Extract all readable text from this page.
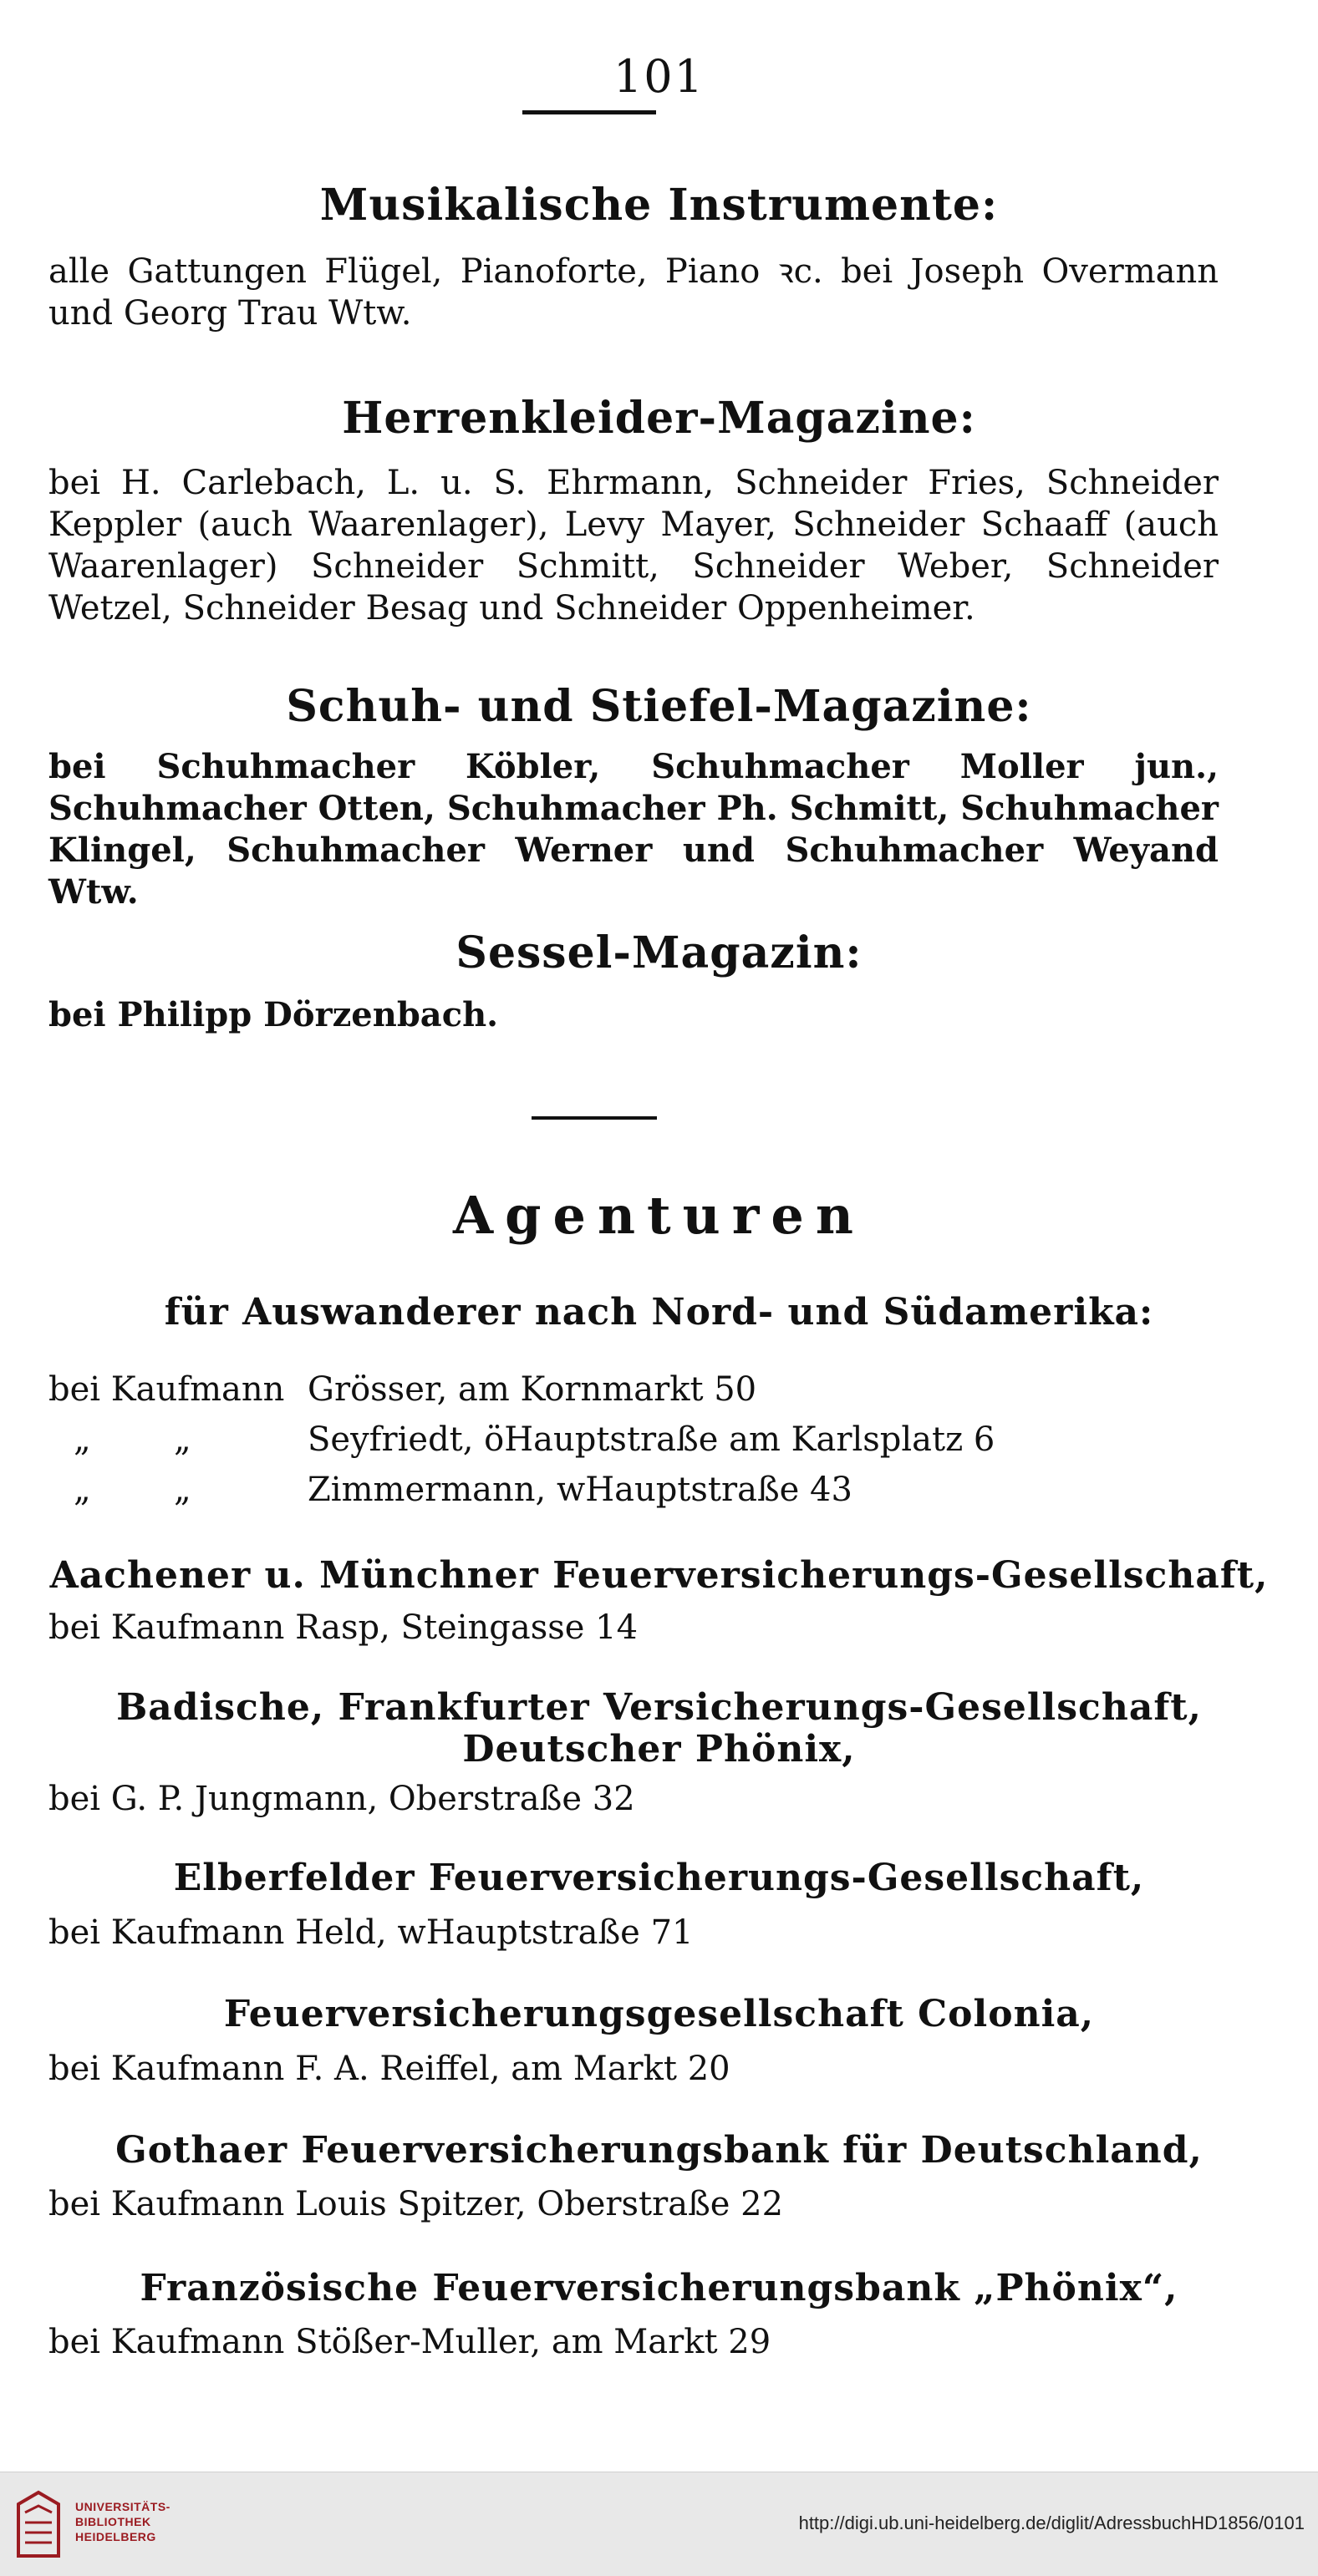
101
Musikalische Instrumente:
alle Gattungen Flügel, Pianoforte, Piano ꝛc. bei Joseph Overmann und Georg Trau Wtw.
Herrenkleider-Magazine:
bei H. Carlebach, L. u. S. Ehrmann, Schneider Fries, Schneider Keppler (auch Waarenlager), Levy Mayer, Schneider Schaaff (auch Waarenlager) Schneider Schmitt, Schneider Weber, Schneider Wetzel, Schneider Besag und Schneider Oppenheimer.
Schuh- und Stiefel-Magazine:
bei Schuhmacher Köbler, Schuhmacher Moller jun., Schuhmacher Otten, Schuhmacher Ph. Schmitt, Schuhmacher Klingel, Schuhmacher Werner und Schuhmacher Weyand Wtw.
Sessel-Magazin:
bei Philipp Dörzenbach.
Agenturen
für Auswanderer nach Nord- und Südamerika:
bei Kaufmann Grösser, am Kornmarkt 50
„ „	Seyfriedt, öHauptstraße am Karlsplatz 6
„ „	Zimmermann, wHauptstraße 43
Aachener u. Münchner Feuerversicherungs-Gesellschaft,
bei Kaufmann Rasp, Steingasse 14
Badische, Frankfurter Versicherungs-Gesellschaft,
Deutscher Phönix,
bei G. P. Jungmann, Oberstraße 32
Elberfelder Feuerversicherungs-Gesellschaft,
bei Kaufmann Held, wHauptstraße 71
Feuerversicherungsgesellschaft Colonia,
bei Kaufmann F. A. Reiffel, am Markt 20
Gothaer Feuerversicherungsbank für Deutschland,
bei Kaufmann Louis Spitzer, Oberstraße 22
Französische Feuerversicherungsbank „Phönix“,
bei Kaufmann Stößer-Muller, am Markt 29
UNIVERSITÄTS-
BIBLIOTHEK
HEIDELBERG
http://digi.ub.uni-heidelberg.de/diglit/AdressbuchHD1856/0101
